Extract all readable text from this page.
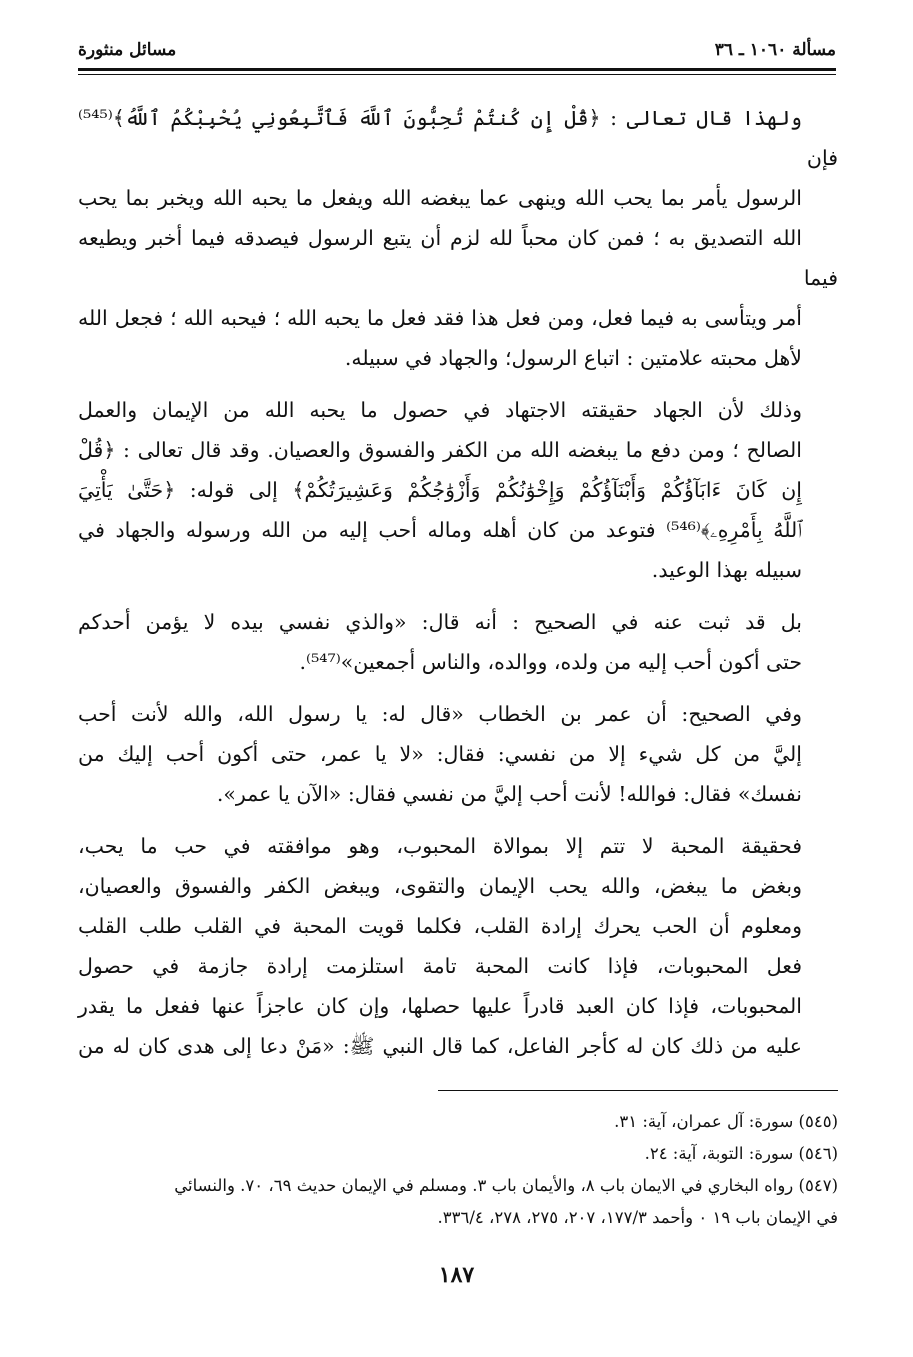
مسألة ١٠٦٠ ـ ٣٦
مسائل منثورة

ولهذا قال تعالى : ﴿قُلْ إِن كُنتُمْ تُحِبُّونَ ٱللَّهَ فَٱتَّبِعُونِي يُحْبِبْكُمُ ٱللَّهُ﴾⁽⁵⁴⁵⁾ فإن
الرسول يأمر بما يحب الله وينهى عما يبغضه الله ويفعل ما يحبه الله ويخبر بما يحب
الله التصديق به ؛ فمن كان محباً لله لزم أن يتبع الرسول فيصدقه فيما أخبر ويطيعه فيما
أمر ويتأسى به فيما فعل، ومن فعل هذا فقد فعل ما يحبه الله ؛ فيحبه الله ؛ فجعل الله
لأهل محبته علامتين : اتباع الرسول؛ والجهاد في سبيله.

وذلك لأن الجهاد حقيقته الاجتهاد في حصول ما يحبه الله من الإيمان والعمل
الصالح ؛ ومن دفع ما يبغضه الله من الكفر والفسوق والعصيان. وقد قال تعالى : ﴿قُلْ
إِن كَانَ ءَابَآؤُكُمْ وَأَبْنَآؤُكُمْ وَإِخْوَٰنُكُمْ وَأَزْوَٰجُكُمْ وَعَشِيرَتُكُمْ﴾ إلى قوله: ﴿حَتَّىٰ يَأْتِيَ
ٱللَّهُ بِأَمْرِهِۦ﴾⁽⁵⁴⁶⁾ فتوعد من كان أهله وماله أحب إليه من الله ورسوله والجهاد في
سبيله بهذا الوعيد.

بل قد ثبت عنه في الصحيح : أنه قال: «والذي نفسي بيده لا يؤمن أحدكم
حتى أكون أحب إليه من ولده، ووالده، والناس أجمعين»⁽⁵⁴⁷⁾.

وفي الصحيح: أن عمر بن الخطاب «قال له: يا رسول الله، والله لأنت أحب
إليَّ من كل شيء إلا من نفسي: فقال: «لا يا عمر، حتى أكون أحب إليك من
نفسك» فقال: فوالله! لأنت أحب إليَّ من نفسي فقال: «الآن يا عمر».

فحقيقة المحبة لا تتم إلا بموالاة المحبوب، وهو موافقته في حب ما يحب،
وبغض ما يبغض، والله يحب الإيمان والتقوى، ويبغض الكفر والفسوق والعصيان،
ومعلوم أن الحب يحرك إرادة القلب، فكلما قويت المحبة في القلب طلب القلب
فعل المحبوبات، فإذا كانت المحبة تامة استلزمت إرادة جازمة في حصول
المحبوبات، فإذا كان العبد قادراً عليها حصلها، وإن كان عاجزاً عنها ففعل ما يقدر
عليه من ذلك كان له كأجر الفاعل، كما قال النبي ﷺ: «مَنْ دعا إلى هدى كان له من

(٥٤٥) سورة: آل عمران، آية: ٣١.
(٥٤٦) سورة: التوبة، آية: ٢٤.
(٥٤٧) رواه البخاري في الايمان باب ٨، والأيمان باب ٣. ومسلم في الإيمان حديث ٦٩، ٧٠. والنسائي
في الإيمان باب ١٩ ٠ وأحمد ١٧٧/٣، ٢٠٧، ٢٧٥، ٢٧٨، ٣٣٦/٤.
١٨٧
